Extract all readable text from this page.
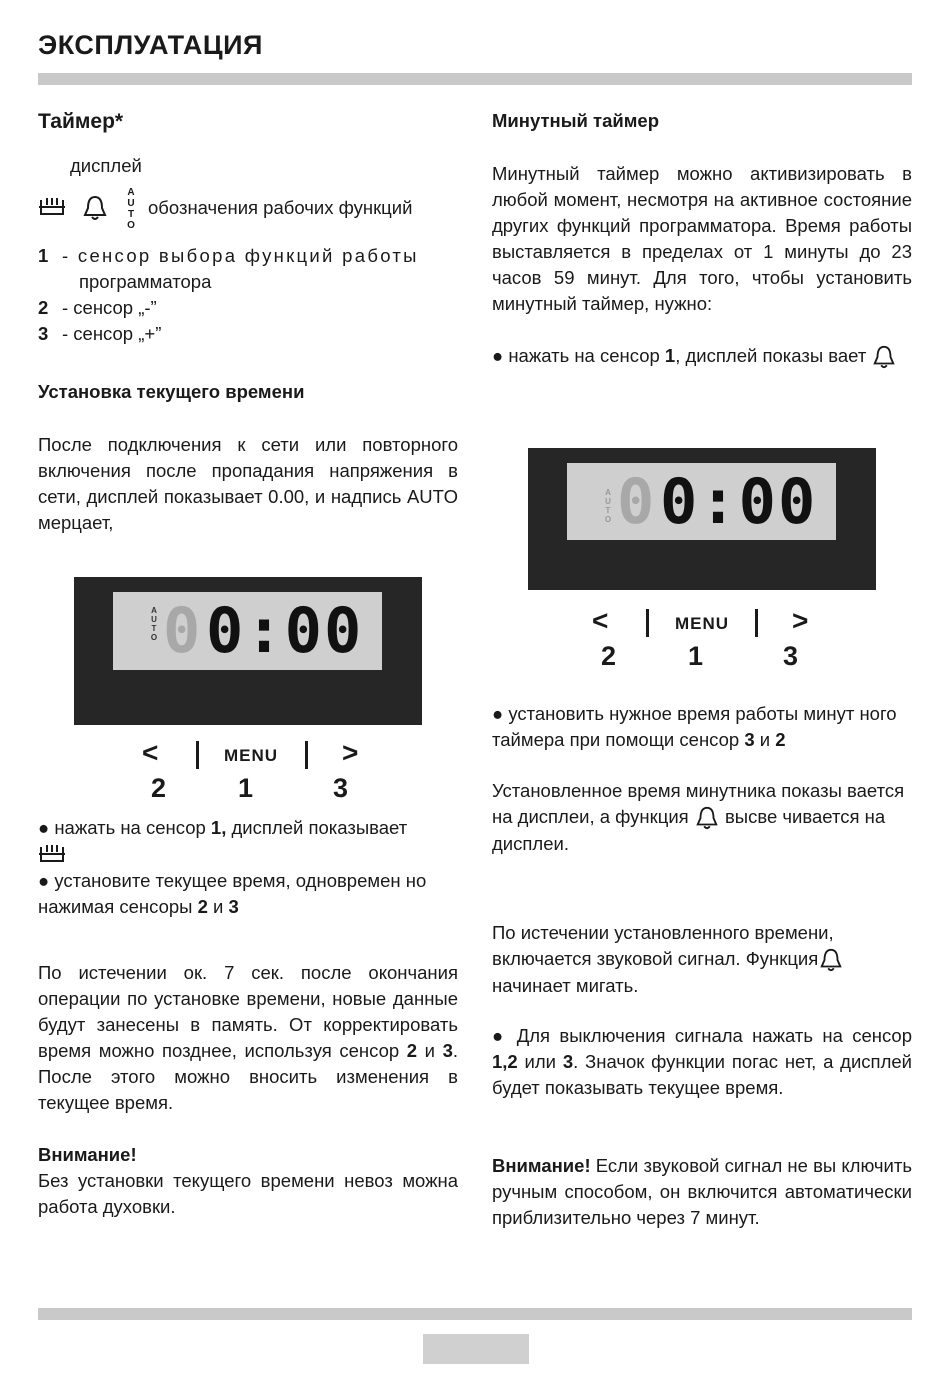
ЭКСПЛУАТАЦИЯ

Таймер*

дисплей
A
U
T
O
обозначения рабочих функций
1 - сенсор выбора функций работы
программатора
2 - сенсор „-”
3 - сенсор „+”

Установка текущего времени

После подключения к сети или повторного включения после пропадания напряжения в сети, дисплей показывает 0.00, и надпись AUTO мерцает,

A
U
T
O 0 0:00
<	MENU >
2	1	3

● нажать на сенсор 1, дисплей показывает

● установите текущее время, одновремен но нажимая сенсоры 2 и 3

По истечении ок. 7 сек. после окончания операции по установке времени, новые данные будут занесены в память. От корректировать время можно позднее, используя сенсор 2 и 3. После этого можно вносить изменения в текущее время.

Внимание!

Без установки текущего времени невоз можна работа духовки.

Минутный таймер

Минутный таймер можно активизировать в любой момент, несмотря на активное состояние других функций программатора. Время работы выставляется в пределах от 1 минуты до 23 часов 59 минут. Для того, чтобы установить минутный таймер, нужно:

● нажать на сенсор 1, дисплей показы вает

A
U
T
O 0 0:00
<	MENU >
2	1	3

● установить нужное время работы минут ного таймера при помощи сенсор 3 и 2

Установленное время минутника показы вается на дисплеи, а функция  высве чивается на дисплеи.

По истечении установленного времени, включается звуковой сигнал. Функция начинает мигать.

● Для выключения сигнала нажать на сенсор 1,2 или 3. Значок функции погас нет, а дисплей будет показывать текущее время.

Внимание! Если звуковой сигнал не вы ключить ручным способом, он включится автоматически приблизительно через 7 минут.
